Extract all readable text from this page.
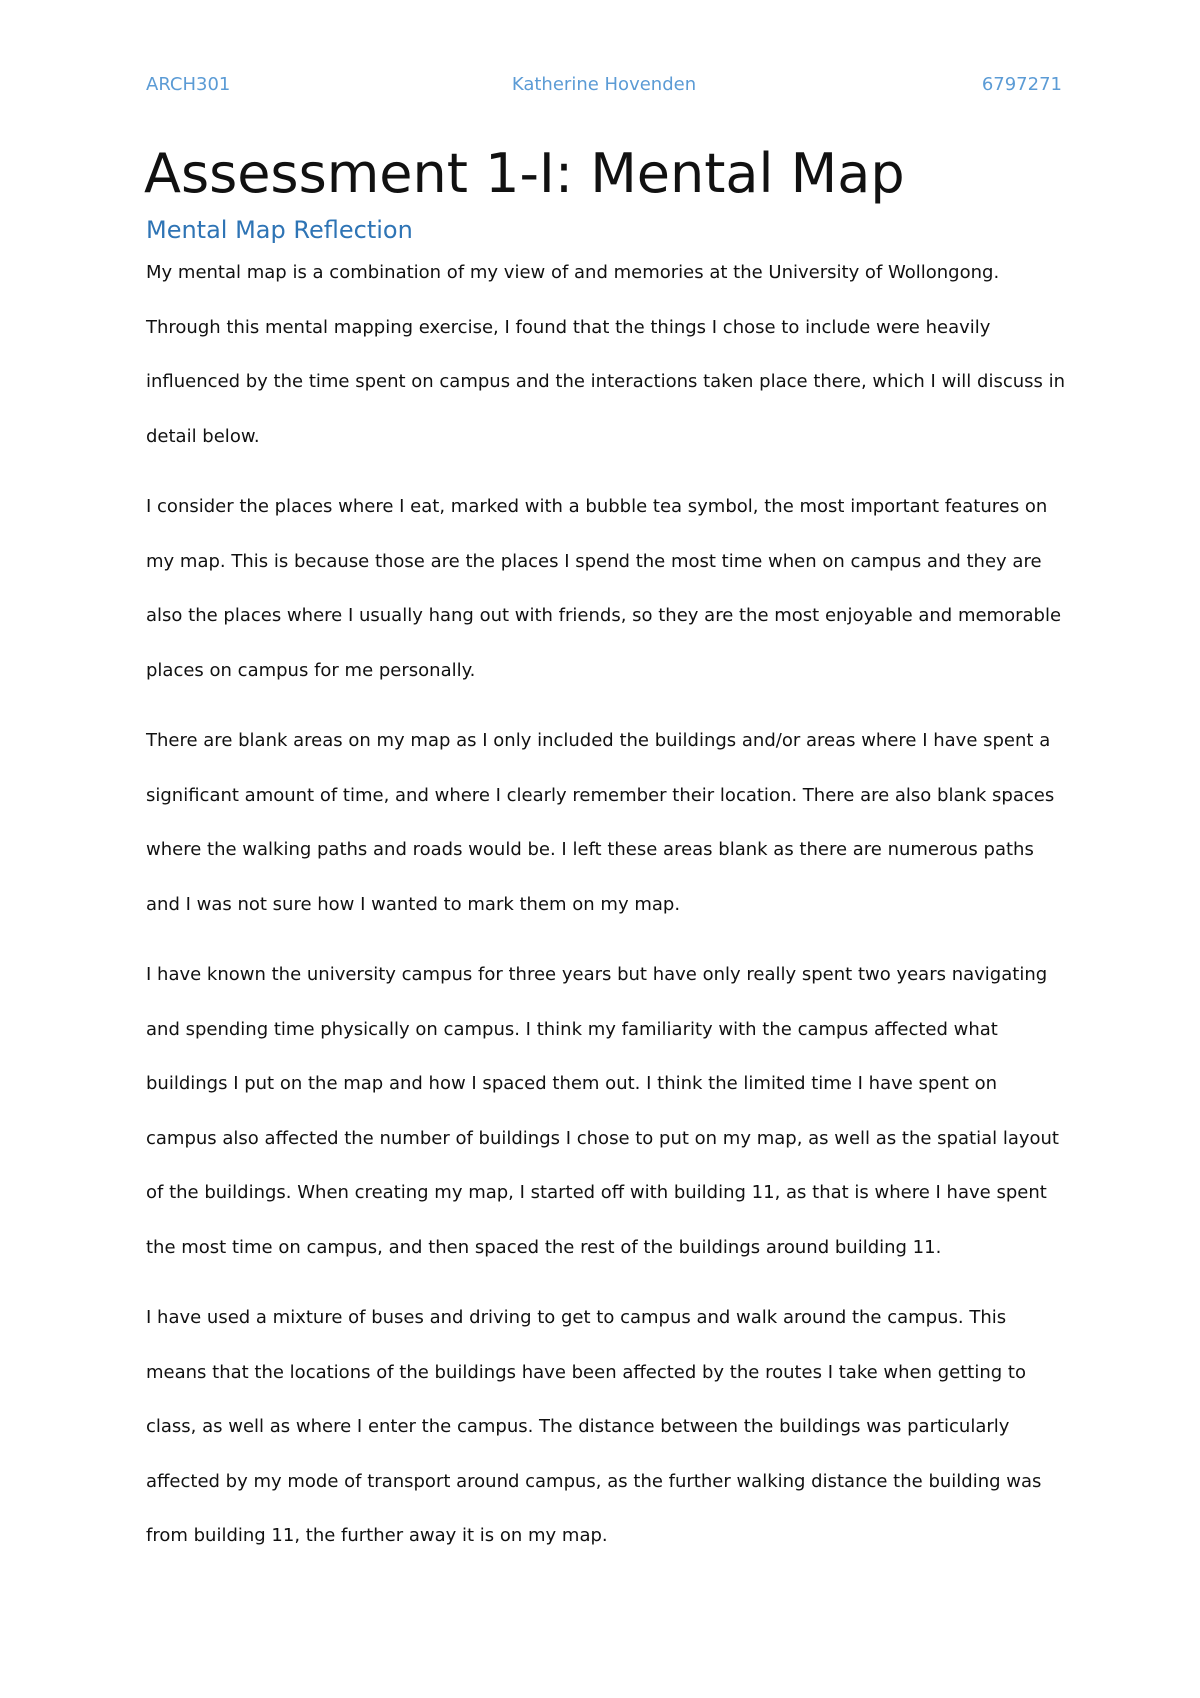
ARCH301	Katherine Hovenden	6797271
Assessment 1-I: Mental Map
Mental Map Reflection

My mental map is a combination of my view of and memories at the University of Wollongong.
Through this mental mapping exercise, I found that the things I chose to include were heavily
influenced by the time spent on campus and the interactions taken place there, which I will discuss in
detail below.

I consider the places where I eat, marked with a bubble tea symbol, the most important features on
my map. This is because those are the places I spend the most time when on campus and they are
also the places where I usually hang out with friends, so they are the most enjoyable and memorable
places on campus for me personally.

There are blank areas on my map as I only included the buildings and/or areas where I have spent a
significant amount of time, and where I clearly remember their location. There are also blank spaces
where the walking paths and roads would be. I left these areas blank as there are numerous paths
and I was not sure how I wanted to mark them on my map.

I have known the university campus for three years but have only really spent two years navigating
and spending time physically on campus. I think my familiarity with the campus affected what
buildings I put on the map and how I spaced them out. I think the limited time I have spent on
campus also affected the number of buildings I chose to put on my map, as well as the spatial layout
of the buildings. When creating my map, I started off with building 11, as that is where I have spent
the most time on campus, and then spaced the rest of the buildings around building 11.

I have used a mixture of buses and driving to get to campus and walk around the campus. This
means that the locations of the buildings have been affected by the routes I take when getting to
class, as well as where I enter the campus. The distance between the buildings was particularly
affected by my mode of transport around campus, as the further walking distance the building was
from building 11, the further away it is on my map.
